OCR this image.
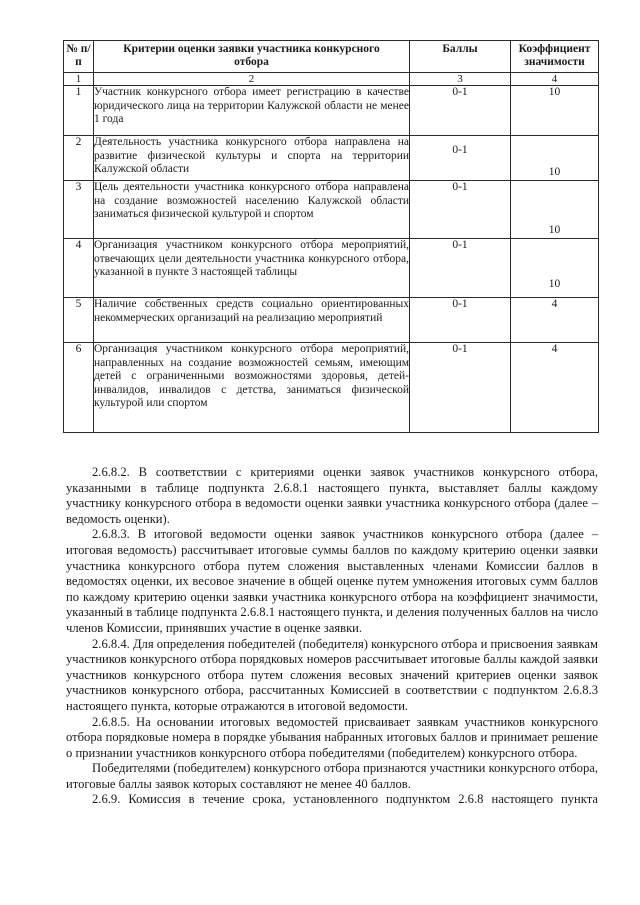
№ п/п	Критерии оценки заявки участника конкурсного отбора	Баллы	Коэффициент значимости
1	2	3	4
1	Участник конкурсного отбора имеет регистрацию в качестве юридического лица на территории Калужской области не менее 1 года	0-1	10
2	Деятельность участника конкурсного отбора направлена на развитие физической культуры и спорта на территории Калужской области	0-1	10
3	Цель деятельности участника конкурсного отбора направлена на создание возможностей населению Калужской области заниматься физической культурой и спортом	0-1	10
4	Организация участником конкурсного отбора мероприятий, отвечающих цели деятельности участника конкурсного отбора, указанной в пункте 3 настоящей таблицы	0-1	10
5	Наличие собственных средств социально ориентированных некоммерческих организаций на реализацию мероприятий	0-1	4
6	Организация участником конкурсного отбора мероприятий, направленных на создание возможностей семьям, имеющим детей с ограниченными возможностями здоровья, детей-инвалидов, инвалидов с детства, заниматься физической культурой или спортом	0-1	4

2.6.8.2. В соответствии с критериями оценки заявок участников конкурсного отбора, указанными в таблице подпункта 2.6.8.1 настоящего пункта, выставляет баллы каждому участнику конкурсного отбора в ведомости оценки заявки участника конкурсного отбора (далее – ведомость оценки).

2.6.8.3. В итоговой ведомости оценки заявок участников конкурсного отбора (далее – итоговая ведомость) рассчитывает итоговые суммы баллов по каждому критерию оценки заявки участника конкурсного отбора путем сложения выставленных членами Комиссии баллов в ведомостях оценки, их весовое значение в общей оценке путем умножения итоговых сумм баллов по каждому критерию оценки заявки участника конкурсного отбора на коэффициент значимости, указанный в таблице подпункта 2.6.8.1 настоящего пункта, и деления полученных баллов на число членов Комиссии, принявших участие в оценке заявки.

2.6.8.4. Для определения победителей (победителя) конкурсного отбора и присвоения заявкам участников конкурсного отбора порядковых номеров рассчитывает итоговые баллы каждой заявки участников конкурсного отбора путем сложения весовых значений критериев оценки заявок участников конкурсного отбора, рассчитанных Комиссией в соответствии с подпунктом 2.6.8.3 настоящего пункта, которые отражаются в итоговой ведомости.

2.6.8.5. На основании итоговых ведомостей присваивает заявкам участников конкурсного отбора порядковые номера в порядке убывания набранных итоговых баллов и принимает решение о признании участников конкурсного отбора победителями (победителем) конкурсного отбора.

Победителями (победителем) конкурсного отбора признаются участники конкурсного отбора, итоговые баллы заявок которых составляют не менее 40 баллов.

2.6.9. Комиссия в течение срока, установленного подпунктом 2.6.8 настоящего пункта
